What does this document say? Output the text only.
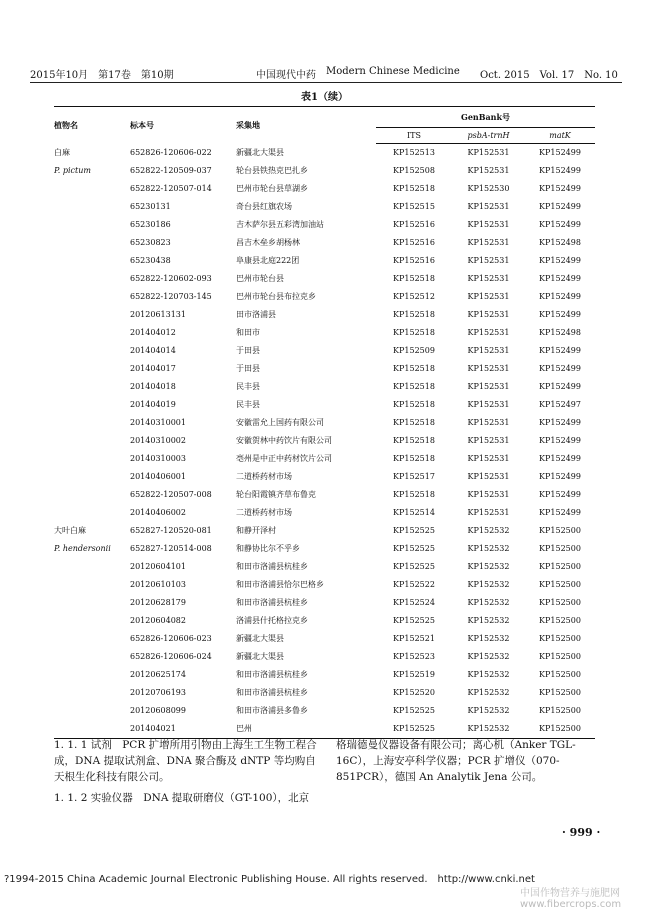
2015年10月　第17卷　第10期	中国现代中药 Modern Chinese Medicine Oct. 2015　Vol. 17　No. 10
表1（续）
植物名	标本号	采集地	GenBank号		
			ITS	psbA-trnH	matK
白麻	652826-120606-022	新疆北大渠县	KP152513	KP152531	KP152499
P. pictum	652822-120509-037	轮台县铁热克巴扎乡	KP152508	KP152531	KP152499
	652822-120507-014	巴州市轮台县草湖乡	KP152518	KP152530	KP152499
	65230131	奇台县红旗农场	KP152515	KP152531	KP152499
	65230186	吉木萨尔县五彩湾加油站	KP152516	KP152531	KP152499
	65230823	昌吉木垒乡胡杨林	KP152516	KP152531	KP152498
	65230438	阜康县北庭222团	KP152516	KP152531	KP152499
	652822-120602-093	巴州市轮台县	KP152518	KP152531	KP152499
	652822-120703-145	巴州市轮台县布拉克乡	KP152512	KP152531	KP152499
	20120613131	田市洛浦县	KP152518	KP152531	KP152499
	201404012	和田市	KP152518	KP152531	KP152498
	201404014	于田县	KP152509	KP152531	KP152499
	201404017	于田县	KP152518	KP152531	KP152499
	201404018	民丰县	KP152518	KP152531	KP152499
	201404019	民丰县	KP152518	KP152531	KP152497
	20140310001	安徽雷允上国药有限公司	KP152518	KP152531	KP152499
	20140310002	安徽贺林中药饮片有限公司	KP152518	KP152531	KP152499
	20140310003	亳州是中正中药材饮片公司	KP152518	KP152531	KP152499
	20140406001	二道桥药材市场	KP152517	KP152531	KP152499
	652822-120507-008	轮台阳霞镇齐草布鲁克	KP152518	KP152531	KP152499
	20140406002	二道桥药材市场	KP152514	KP152531	KP152499
大叶白麻	652827-120520-081	和静开泽村	KP152525	KP152532	KP152500
P. hendersonii	652827-120514-008	和静协比尔不乎乡	KP152525	KP152532	KP152500
	20120604101	和田市洛浦县杭桂乡	KP152525	KP152532	KP152500
	20120610103	和田市洛浦县恰尔巴格乡	KP152522	KP152532	KP152500
	20120628179	和田市洛浦县杭桂乡	KP152524	KP152532	KP152500
	20120604082	洛浦县什托格拉克乡	KP152525	KP152532	KP152500
	652826-120606-023	新疆北大渠县	KP152521	KP152532	KP152500
	652826-120606-024	新疆北大渠县	KP152523	KP152532	KP152500
	20120625174	和田市洛浦县杭桂乡	KP152519	KP152532	KP152500
	20120706193	和田市洛浦县杭桂乡	KP152520	KP152532	KP152500
	20120608099	和田市洛浦县多鲁乡	KP152525	KP152532	KP152500
	201404021	巴州	KP152525	KP152532	KP152500
1. 1. 1 试剂　PCR 扩增所用引物由上海生工生物工程合成，DNA 提取试剂盒、DNA 聚合酶及 dNTP 等均购自天根生化科技有限公司。
1. 1. 2 实验仪器　DNA 提取研磨仪（GT-100），北京
格瑞德曼仪器设备有限公司；离心机（Anker TGL-16C），上海安亭科学仪器；PCR 扩增仪（070-851PCR），德国 An Analytik Jena 公司。
· 999 ·
?1994-2015 China Academic Journal Electronic Publishing House. All rights reserved.　http://www.cnki.net
中国作物营养与施肥网 www.fibercrops.com
